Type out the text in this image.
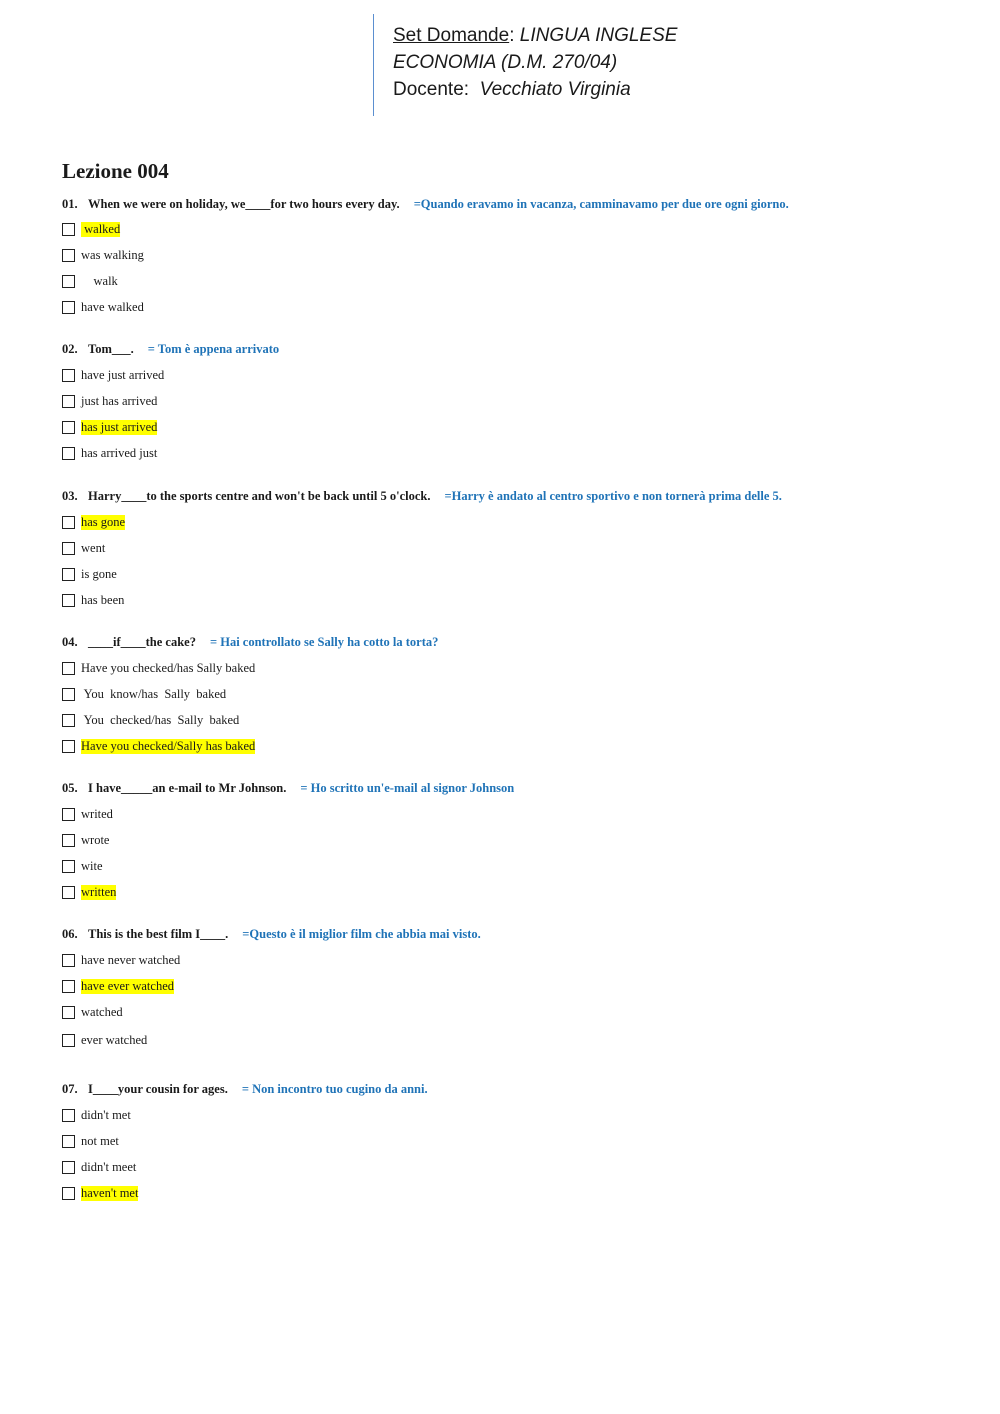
Set Domande: LINGUA INGLESE
ECONOMIA (D.M. 270/04)
Docente: Vecchiato Virginia
Lezione 004
01. When we were on holiday, we____for two hours every day. =Quando eravamo in vacanza, camminavamo per due ore ogni giorno.
walked
was walking
walk
have walked
02. Tom___. = Tom è appena arrivato
have just arrived
just has arrived
has just arrived
has arrived just
03. Harry____to the sports centre and won't be back until 5 o'clock. =Harry è andato al centro sportivo e non tornerà prima delle 5.
has gone
went
is gone
has been
04. ____if____the cake? = Hai controllato se Sally ha cotto la torta?
Have you checked/has Sally baked
You  know/has  Sally  baked
You  checked/has  Sally  baked
Have you checked/Sally has baked
05. I have_____an e-mail to Mr Johnson. = Ho scritto un'e-mail al signor Johnson
writed
wrote
wite
written
06. This is the best film I____. =Questo è il miglior film che abbia mai visto.
have never watched
have ever watched
watched
ever watched
07. I____your cousin for ages. = Non incontro tuo cugino da anni.
didn't met
not met
didn't meet
haven't met
